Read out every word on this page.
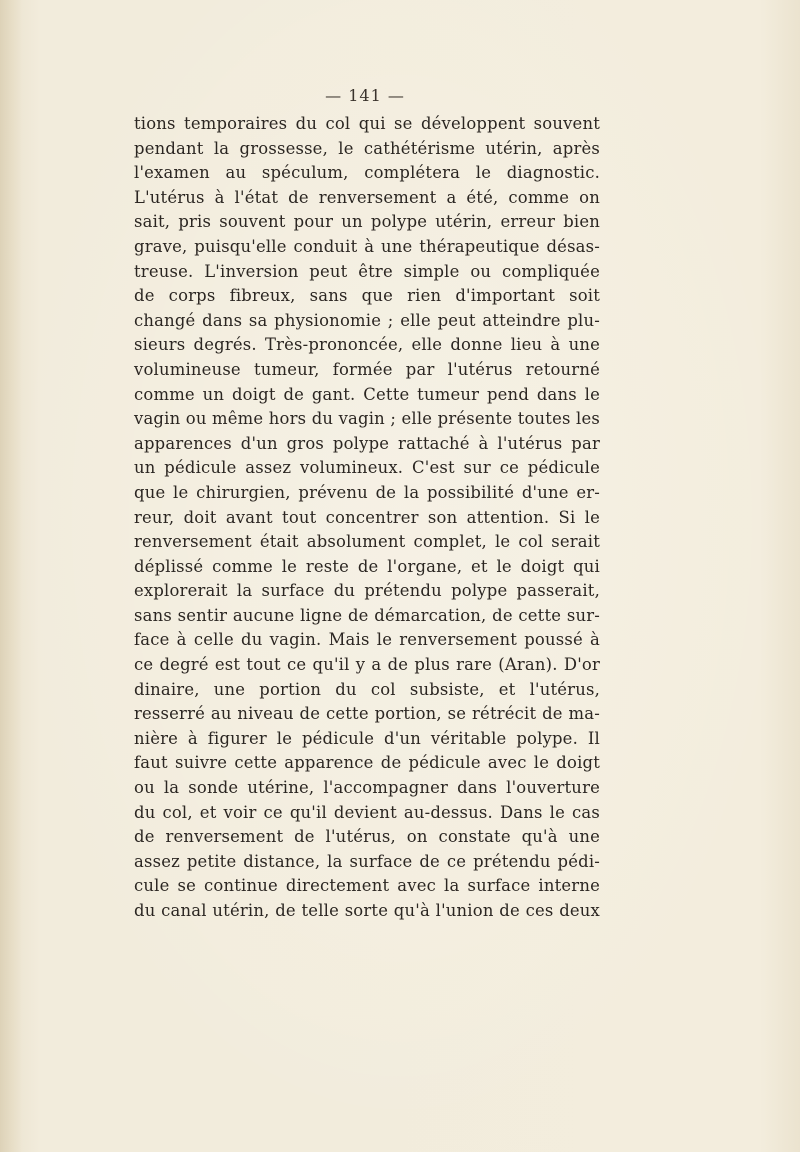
— 141 —
tions temporaires du col qui se développent souvent
pendant la grossesse, le cathétérisme utérin, après
l'examen au spéculum, complétera le diagnostic.
L'utérus à l'état de renversement a été, comme on
sait, pris souvent pour un polype utérin, erreur bien
grave, puisqu'elle conduit à une thérapeutique désas-
treuse. L'inversion peut être simple ou compliquée
de corps fibreux, sans que rien d'important soit
changé dans sa physionomie ; elle peut atteindre plu-
sieurs degrés. Très-prononcée, elle donne lieu à une
volumineuse tumeur, formée par l'utérus retourné
comme un doigt de gant. Cette tumeur pend dans le
vagin ou même hors du vagin ; elle présente toutes les
apparences d'un gros polype rattaché à l'utérus par
un pédicule assez volumineux. C'est sur ce pédicule
que le chirurgien, prévenu de la possibilité d'une er-
reur, doit avant tout concentrer son attention. Si le
renversement était absolument complet, le col serait
déplissé comme le reste de l'organe, et le doigt qui
explorerait la surface du prétendu polype passerait,
sans sentir aucune ligne de démarcation, de cette sur-
face à celle du vagin. Mais le renversement poussé à
ce degré est tout ce qu'il y a de plus rare (Aran). D'or
dinaire, une portion du col subsiste, et l'utérus,
resserré au niveau de cette portion, se rétrécit de ma-
nière à figurer le pédicule d'un véritable polype. Il
faut suivre cette apparence de pédicule avec le doigt
ou la sonde utérine, l'accompagner dans l'ouverture
du col, et voir ce qu'il devient au-dessus. Dans le cas
de renversement de l'utérus, on constate qu'à une
assez petite distance, la surface de ce prétendu pédi-
cule se continue directement avec la surface interne
du canal utérin, de telle sorte qu'à l'union de ces deux
